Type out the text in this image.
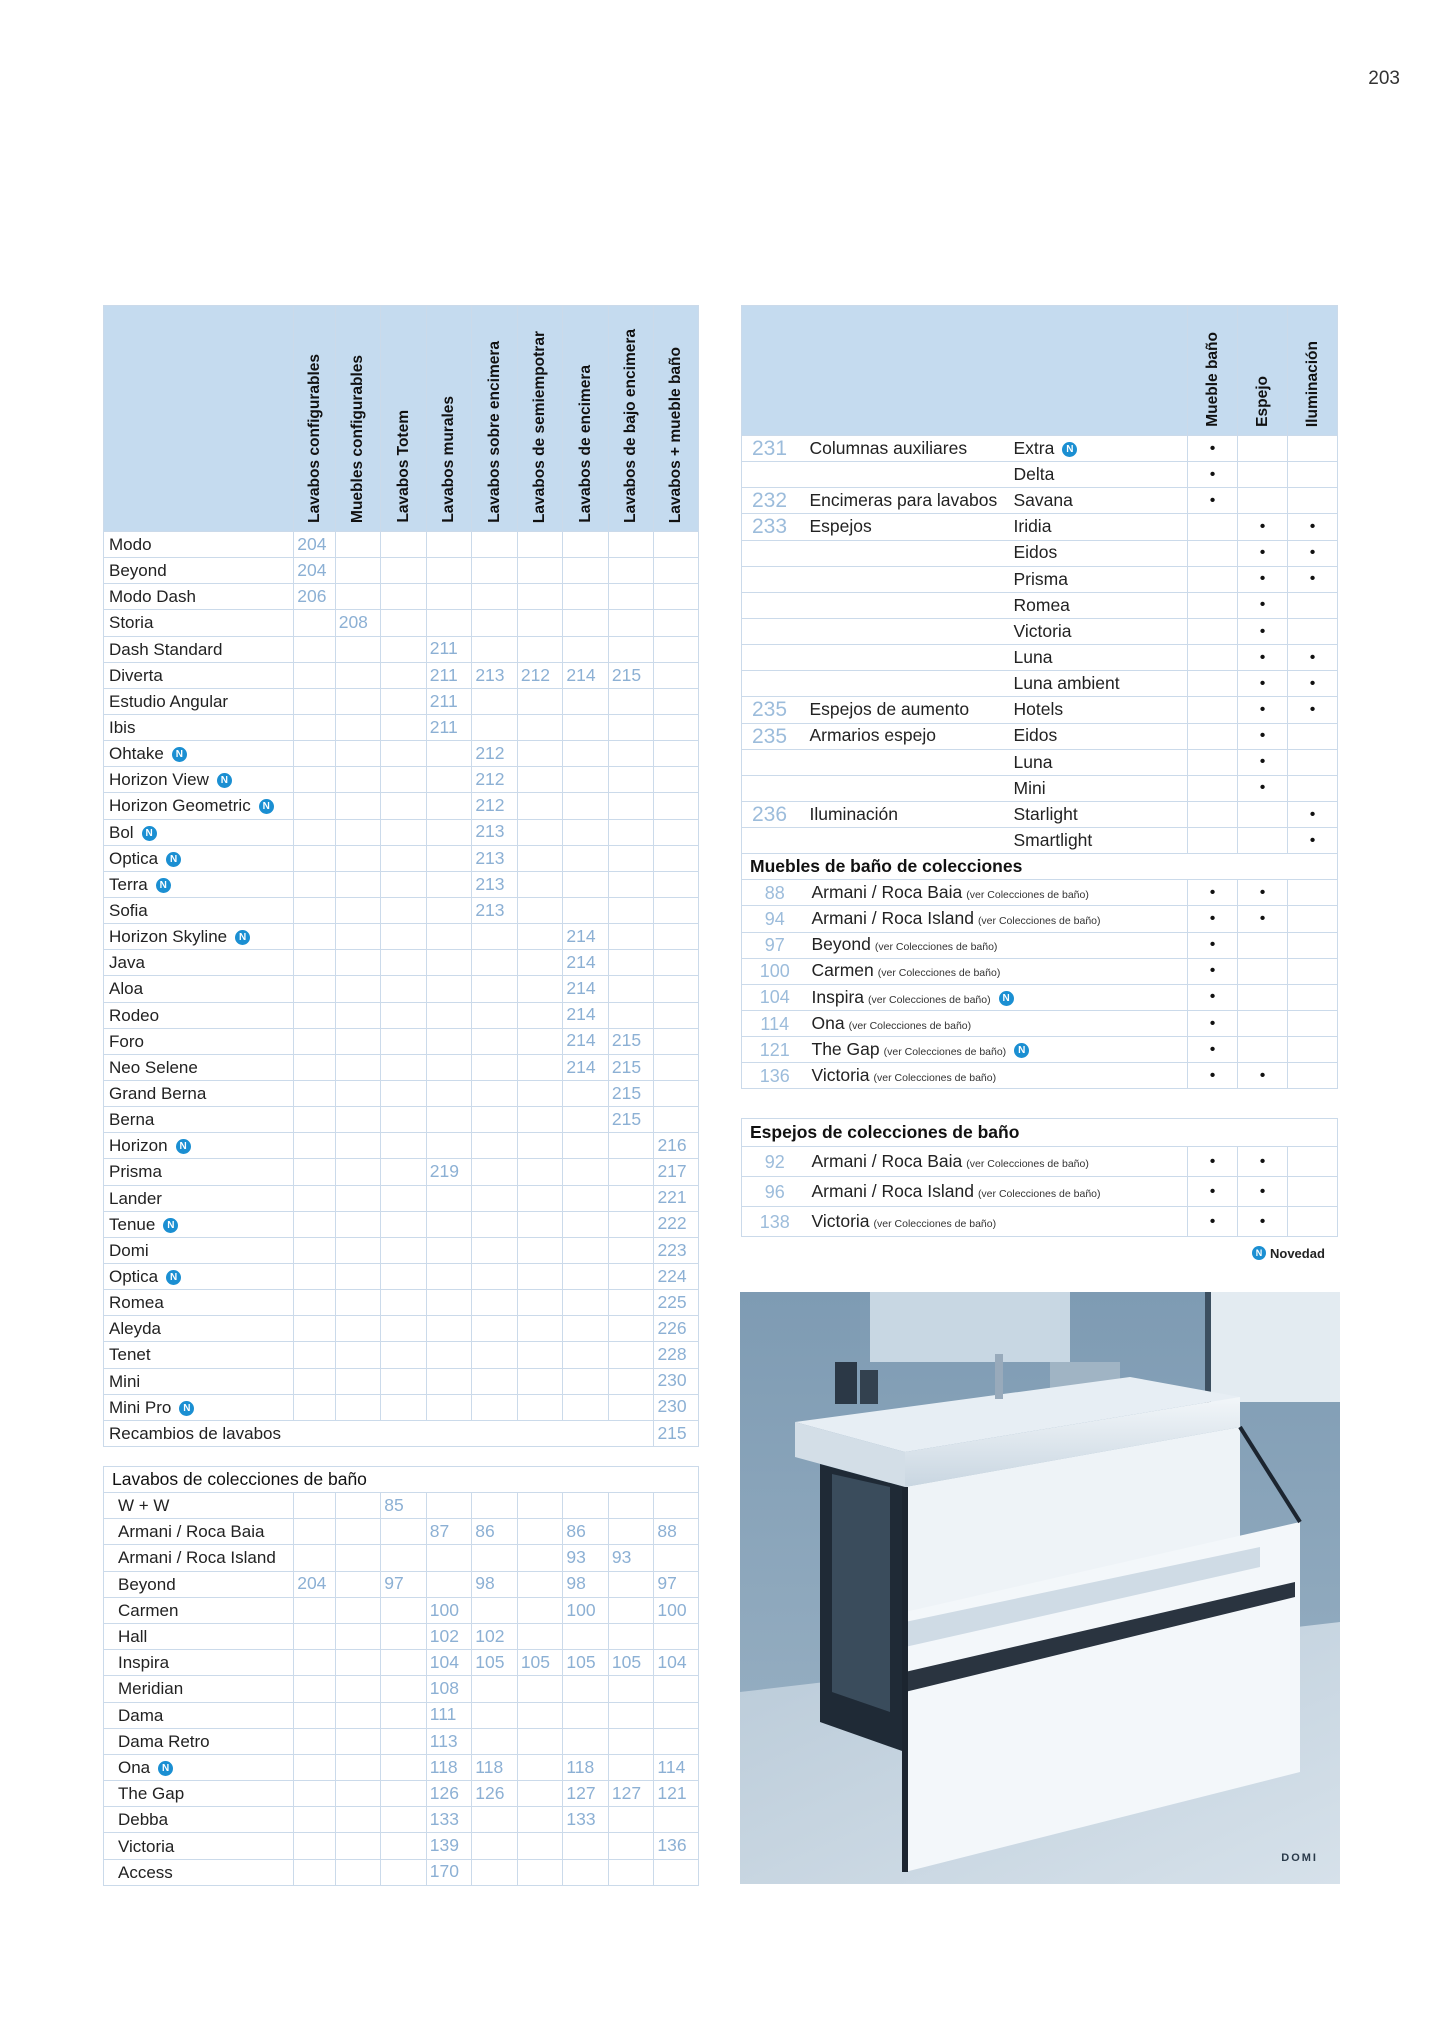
203

	Lavabos configurables	Muebles configurables	Lavabos Totem	Lavabos murales	Lavabos sobre encimera	Lavabos de semiempotrar	Lavabos de encimera	Lavabos de bajo encimera	Lavabos + mueble baño

Modo	204								
Beyond	204								
Modo Dash	206								
Storia		208							
Dash Standard				211					
Diverta				211	213	212	214	215	
Estudio Angular				211					
Ibis				211					
Ohtake N					212				
Horizon View N					212				
Horizon Geometric N					212				
Bol N					213				
Optica N					213				
Terra N					213				
Sofia					213				
Horizon Skyline N							214		
Java							214		
Aloa							214		
Rodeo							214		
Foro							214	215	
Neo Selene							214	215	
Grand Berna								215	
Berna								215	
Horizon N									216
Prisma				219					217
Lander									221
Tenue N									222
Domi									223
Optica N									224
Romea									225
Aleyda									226
Tenet									228
Mini									230
Mini Pro N									230
Recambios de lavabos									215
Lavabos de colecciones de baño									
W + W			85						
Armani / Roca Baia				87	86		86		88
Armani / Roca Island							93	93	
Beyond	204		97		98		98		97
Carmen				100			100		100
Hall				102	102				
Inspira				104	105	105	105	105	104
Meridian				108					
Dama				111					
Dama Retro				113					
Ona N				118	118		118		114
The Gap				126	126		127	127	121
Debba				133			133		
Victoria				139					136
Access				170					

			Mueble baño	Espejo	Iluminación

231	Columnas auxiliares	Extra N	•		
		Delta	•		
232	Encimeras para lavabos	Savana	•		
233	Espejos	Iridia		•	•
		Eidos		•	•
		Prisma		•	•
		Romea		•	
		Victoria		•	
		Luna		•	•
		Luna ambient		•	•
235	Espejos de aumento	Hotels		•	•
235	Armarios espejo	Eidos		•	
		Luna		•	
		Mini		•	
236	Iluminación	Starlight			•
		Smartlight			•
Muebles de baño de colecciones					
88	Armani / Roca Baia (ver Colecciones de baño)		•	•	
94	Armani / Roca Island (ver Colecciones de baño)		•	•	
97	Beyond (ver Colecciones de baño)		•		
100	Carmen (ver Colecciones de baño)		•		
104	Inspira (ver Colecciones de baño) N		•		
114	Ona (ver Colecciones de baño)		•		
121	The Gap (ver Colecciones de baño) N		•		
136	Victoria (ver Colecciones de baño)		•	•	
Espejos de colecciones de baño				
92	Armani / Roca Baia (ver Colecciones de baño)	•	•	
96	Armani / Roca Island (ver Colecciones de baño)	•	•	
138	Victoria (ver Colecciones de baño)	•	•	
N Novedad
DOMI
